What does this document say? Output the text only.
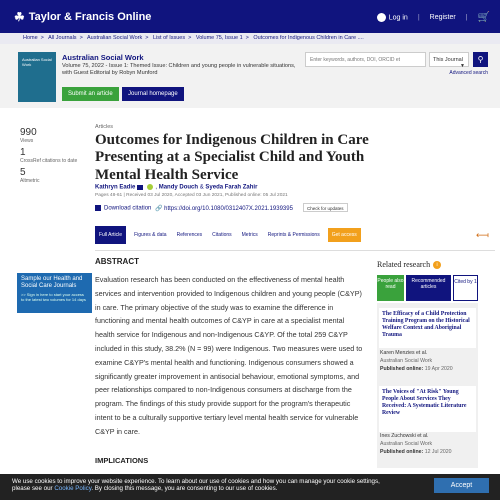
☘ Taylor & Francis Online	Log in | Register | 🛒
Home > All Journals > Australian Social Work > List of Issues > Volume 75, Issue 1 > Outcomes for Indigenous Children in Care ....
Australian Social Work
Australian Social Work
Volume 75, 2022 - Issue 1: Themed Issue: Children and young people in vulnerable situations, with Guest Editorial by Robyn Munford
Submit an article	Journal homepage
Enter keywords, authors, DOI, ORCID et	This Journal
▼
⚲
Advanced search
990
Views
1
CrossRef citations to date
5
Altmetric
Articles
Outcomes for Indigenous Children in Care Presenting at a Specialist Child and Youth Mental Health Service
Kathryn Eadie	, Mandy Douch & Syeda Farah Zahir
Pages 48-61 | Received 03 Jul 2020, Accepted 03 Jun 2021, Published online: 05 Jul 2021
Download citation 🔗 https://doi.org/10.1080/0312407X.2021.1939395	Check for updates
Full Article	Figures & data	References	Citations	Metrics	Reprints & Permissions	Get access	⟻
Sample our Health and Social Care Journals
>> Sign in here to start your access to the latest two volumes for 14 days
ABSTRACT
Evaluation research has been conducted on the effectiveness of mental health services and intervention provided to Indigenous children and young people (C&YP) in care. The primary objective of the study was to examine the difference in functioning and mental health outcomes of C&YP in care at a specialist mental health service for Indigenous and non-Indigenous C&YP. Of the total 259 C&YP included in this study, 38.2% (N = 99) were Indigenous. Two measures were used to examine C&YP's mental health and functioning. Indigenous consumers showed a significantly greater improvement in antisocial behaviour, emotional symptoms, and peer relationships compared to non-Indigenous consumers at discharge from the program. The findings of this study provide support for the program's therapeutic intent to be a culturally supportive tertiary level mental health service for vulnerable C&YP in care.
IMPLICATIONS
Related research i
People also read
Recommended articles
Cited by 1
The Efficacy of a Child Protection Training Program on the Historical Welfare Context and Aboriginal Trauma
The Voices of "At Risk" Young People About Services They Received: A Systematic Literature Review
Karen Menzies et al.
Australian Social Work
Published online: 19 Apr 2020
Ines Zuchowski et al.
Australian Social Work
Published online: 12 Jul 2020
We use cookies to improve your website experience. To learn about our use of cookies and how you can manage your cookie settings,
please see our Cookie Policy. By closing this message, you are consenting to our use of cookies.	Accept
